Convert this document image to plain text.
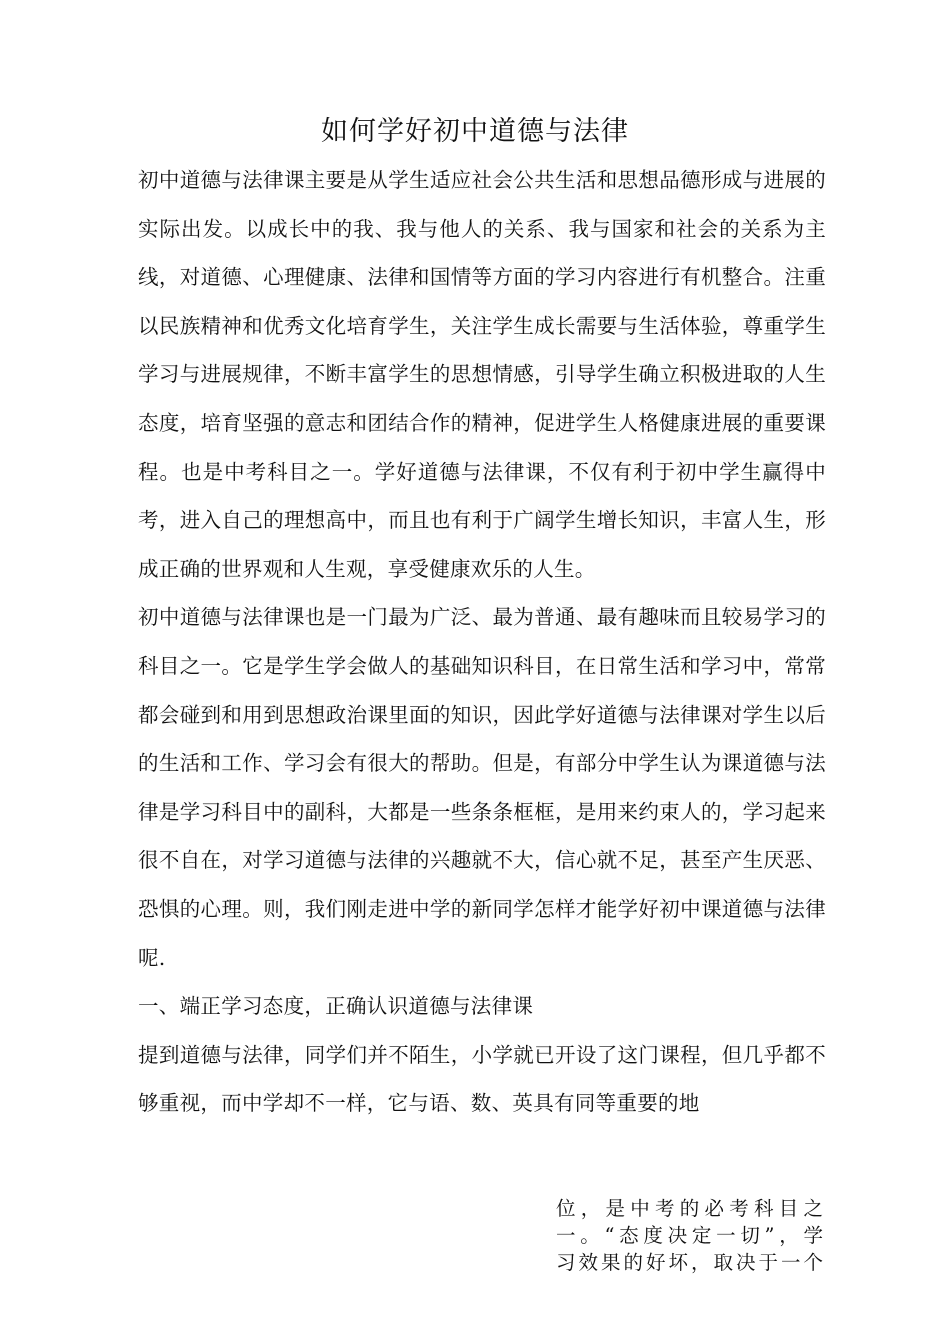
如何学好初中道德与法律

初中道德与法律课主要是从学生适应社会公共生活和思想品德形成与进展的实际出发。以成长中的我、我与他人的关系、我与国家和社会的关系为主线，对道德、心理健康、法律和国情等方面的学习内容进行有机整合。注重以民族精神和优秀文化培育学生，关注学生成长需要与生活体验，尊重学生学习与进展规律，不断丰富学生的思想情感，引导学生确立积极进取的人生态度，培育坚强的意志和团结合作的精神，促进学生人格健康进展的重要课程。也是中考科目之一。学好道德与法律课，不仅有利于初中学生赢得中考，进入自己的理想高中，而且也有利于广阔学生增长知识，丰富人生，形成正确的世界观和人生观，享受健康欢乐的人生。

初中道德与法律课也是一门最为广泛、最为普通、最有趣味而且较易学习的科目之一。它是学生学会做人的基础知识科目，在日常生活和学习中，常常都会碰到和用到思想政治课里面的知识，因此学好道德与法律课对学生以后的生活和工作、学习会有很大的帮助。但是，有部分中学生认为课道德与法律是学习科目中的副科，大都是一些条条框框，是用来约束人的，学习起来很不自在，对学习道德与法律的兴趣就不大，信心就不足，甚至产生厌恶、恐惧的心理。则，我们刚走进中学的新同学怎样才能学好初中课道德与法律呢.

一、端正学习态度，正确认识道德与法律课

提到道德与法律，同学们并不陌生，小学就已开设了这门课程，但几乎都不够重视，而中学却不一样，它与语、数、英具有同等重要的地

位，是中考的必考科目之一。“态度决定一切”，学习效果的好坏，取决于一个
